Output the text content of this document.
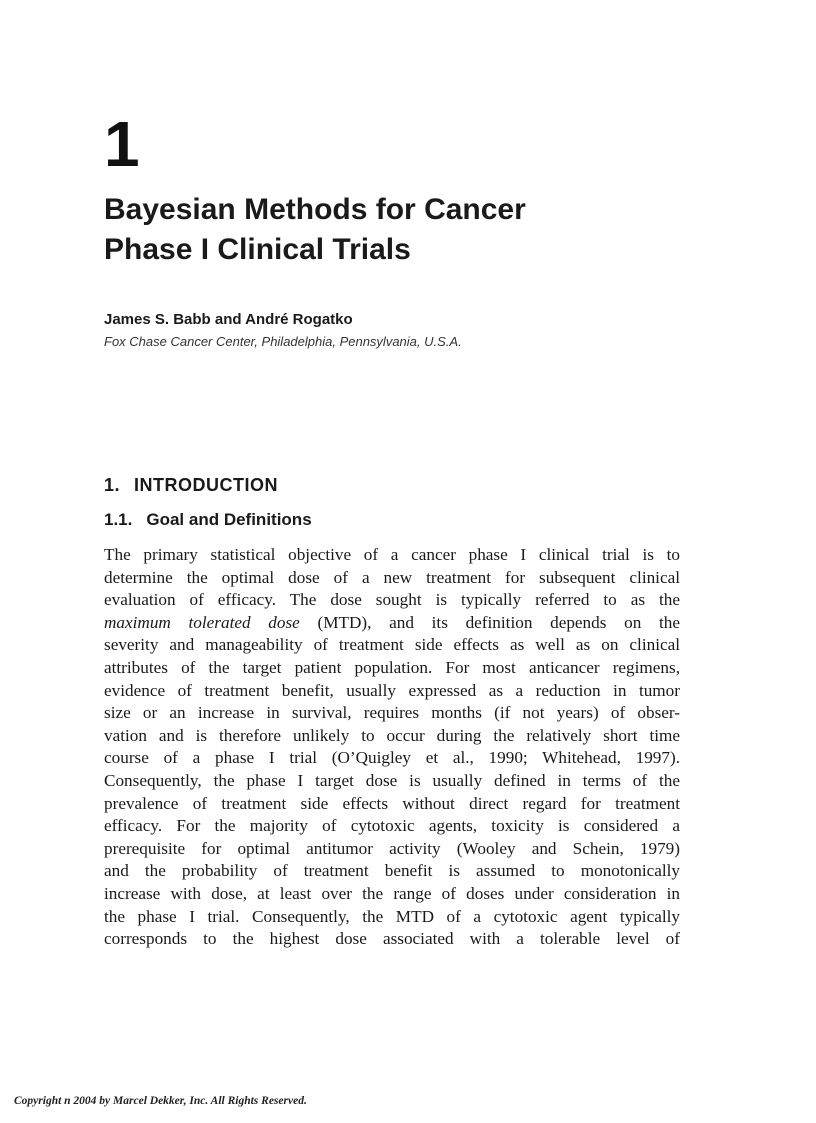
1
Bayesian Methods for Cancer
Phase I Clinical Trials
James S. Babb and André Rogatko
Fox Chase Cancer Center, Philadelphia, Pennsylvania, U.S.A.
1. INTRODUCTION
1.1. Goal and Definitions
The primary statistical objective of a cancer phase I clinical trial is to
determine the optimal dose of a new treatment for subsequent clinical
evaluation of efficacy. The dose sought is typically referred to as the
maximum tolerated dose (MTD), and its definition depends on the
severity and manageability of treatment side effects as well as on clinical
attributes of the target patient population. For most anticancer regimens,
evidence of treatment benefit, usually expressed as a reduction in tumor
size or an increase in survival, requires months (if not years) of obser-
vation and is therefore unlikely to occur during the relatively short time
course of a phase I trial (O’Quigley et al., 1990; Whitehead, 1997).
Consequently, the phase I target dose is usually defined in terms of the
prevalence of treatment side effects without direct regard for treatment
efficacy. For the majority of cytotoxic agents, toxicity is considered a
prerequisite for optimal antitumor activity (Wooley and Schein, 1979)
and the probability of treatment benefit is assumed to monotonically
increase with dose, at least over the range of doses under consideration in
the phase I trial. Consequently, the MTD of a cytotoxic agent typically
corresponds to the highest dose associated with a tolerable level of
Copyright n 2004 by Marcel Dekker, Inc. All Rights Reserved.
